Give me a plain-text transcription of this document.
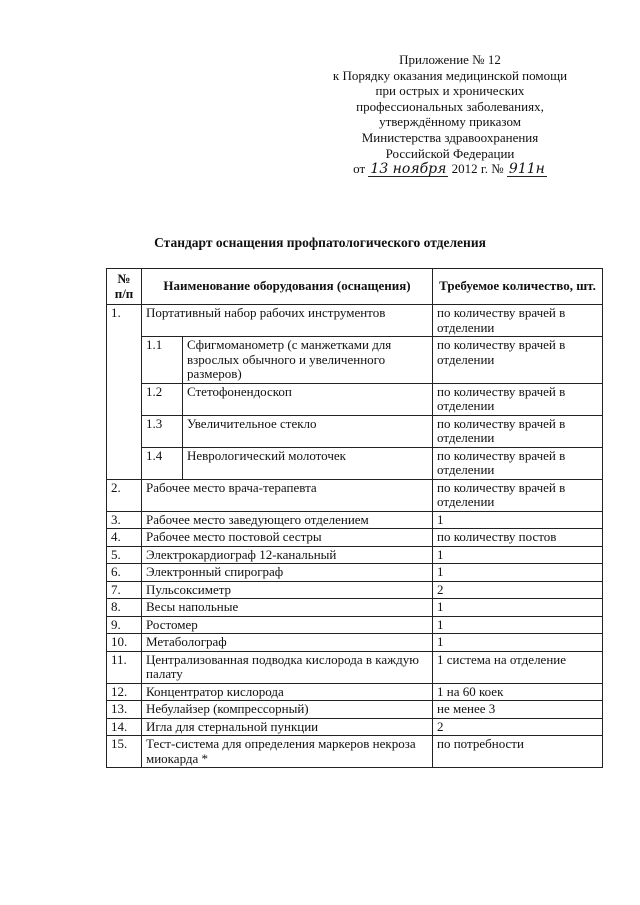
Приложение № 12
к Порядку оказания медицинской помощи
при острых и хронических
профессиональных заболеваниях,
утверждённому приказом
Министерства здравоохранения
Российской Федерации
от 13 ноября 2012 г. № 911н
Стандарт оснащения профпатологического отделения
№ п/п	Наименование оборудования (оснащения)		Требуемое количество, шт.
1.	Портативный набор рабочих инструментов		по количеству врачей в отделении
	1.1	Сфигмоманометр (с манжетками для взрослых обычного и увеличенного размеров)	по количеству врачей в отделении
	1.2	Стетофонендоскоп	по количеству врачей в отделении
	1.3	Увеличительное стекло	по количеству врачей в отделении
	1.4	Неврологический молоточек	по количеству врачей в отделении
2.	Рабочее место врача-терапевта		по количеству врачей в отделении
3.	Рабочее место заведующего отделением		1
4.	Рабочее место постовой сестры		по количеству постов
5.	Электрокардиограф 12-канальный		1
6.	Электронный спирограф		1
7.	Пульсоксиметр		2
8.	Весы напольные		1
9.	Ростомер		1
10.	Метаболограф		1
11.	Централизованная подводка кислорода в каждую палату		1 система на отделение
12.	Концентратор кислорода		1 на 60 коек
13.	Небулайзер (компрессорный)		не менее 3
14.	Игла для стернальной пункции		2
15.	Тест-система для определения маркеров некроза миокарда *		по потребности
